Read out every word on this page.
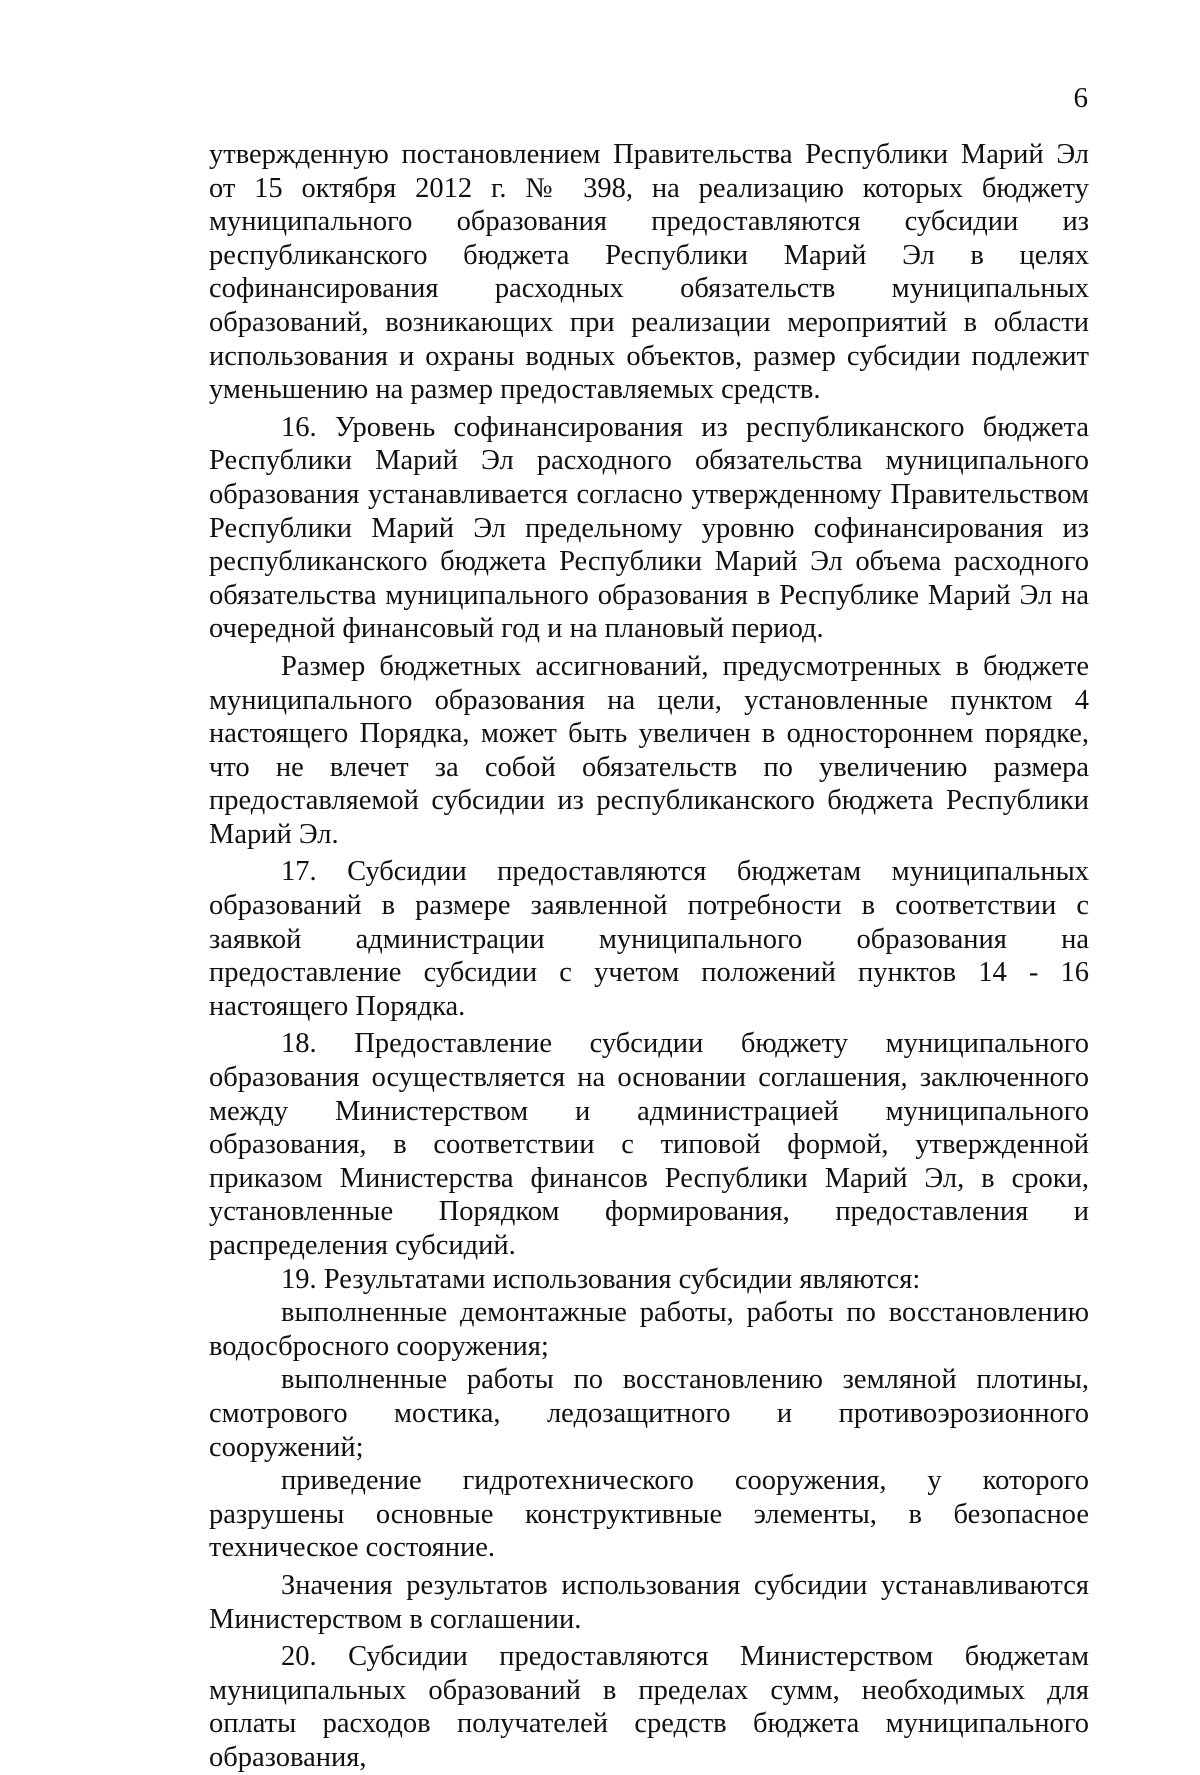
6

утвержденную постановлением Правительства Республики Марий Эл от 15 октября 2012 г. № 398, на реализацию которых бюджету муниципального образования предоставляются субсидии из республиканского бюджета Республики Марий Эл в целях софинансирования расходных обязательств муниципальных образований, возникающих при реализации мероприятий в области использования и охраны водных объектов, размер субсидии подлежит уменьшению на размер предоставляемых средств.

16. Уровень софинансирования из республиканского бюджета Республики Марий Эл расходного обязательства муниципального образования устанавливается согласно утвержденному Правительством Республики Марий Эл предельному уровню софинансирования из республиканского бюджета Республики Марий Эл объема расходного обязательства муниципального образования в Республике Марий Эл на очередной финансовый год и на плановый период.

Размер бюджетных ассигнований, предусмотренных в бюджете муниципального образования на цели, установленные пунктом 4 настоящего Порядка, может быть увеличен в одностороннем порядке, что не влечет за собой обязательств по увеличению размера предоставляемой субсидии из республиканского бюджета Республики Марий Эл.

17. Субсидии предоставляются бюджетам муниципальных образований в размере заявленной потребности в соответствии с заявкой администрации муниципального образования на предоставление субсидии с учетом положений пунктов 14 - 16 настоящего Порядка.

18. Предоставление субсидии бюджету муниципального образования осуществляется на основании соглашения, заключенного между Министерством и администрацией муниципального образования, в соответствии с типовой формой, утвержденной приказом Министерства финансов Республики Марий Эл, в сроки, установленные Порядком формирования, предоставления и распределения субсидий.

19. Результатами использования субсидии являются:

выполненные демонтажные работы, работы по восстановлению водосбросного сооружения;

выполненные работы по восстановлению земляной плотины, смотрового мостика, ледозащитного и противоэрозионного сооружений;

приведение гидротехнического сооружения, у которого разрушены основные конструктивные элементы, в безопасное техническое состояние.

Значения результатов использования субсидии устанавливаются Министерством в соглашении.

20. Субсидии предоставляются Министерством бюджетам муниципальных образований в пределах сумм, необходимых для оплаты расходов получателей средств бюджета муниципального образования,
